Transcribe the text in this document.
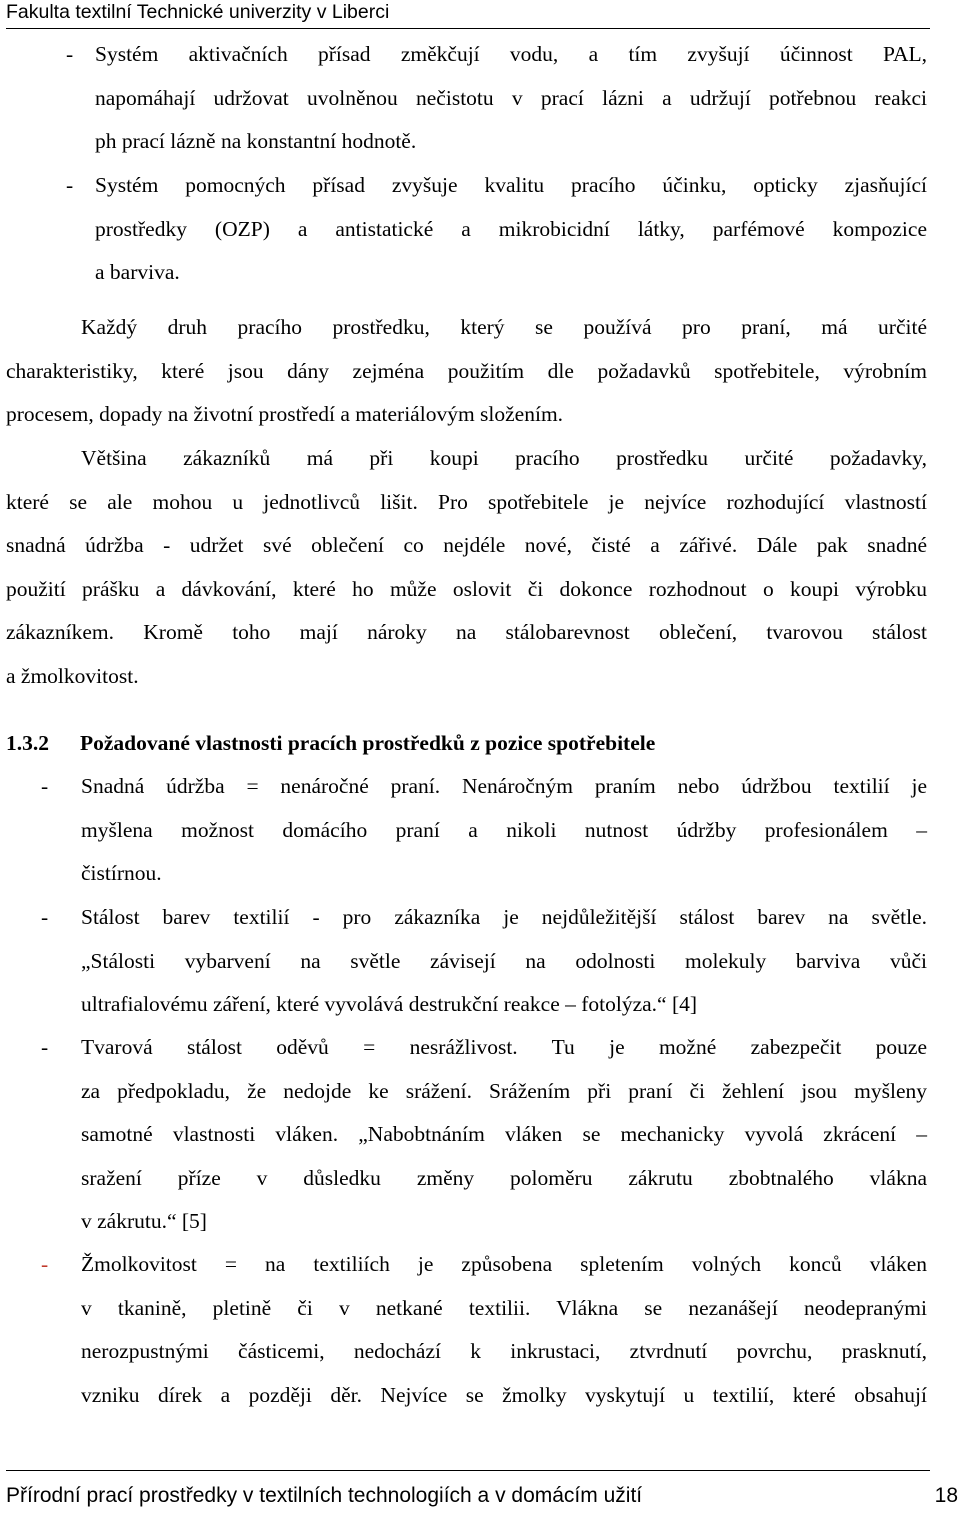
Fakulta textilní Technické univerzity v Liberci
- Systém aktivačních přísad změkčují vodu, a tím zvyšují účinnost PAL,
napomáhají udržovat uvolněnou nečistotu v prací lázni a udržují potřebnou reakci
ph prací lázně na konstantní hodnotě.
- Systém pomocných přísad zvyšuje kvalitu pracího účinku, opticky zjasňující
prostředky (OZP) a antistatické a mikrobicidní látky, parfémové kompozice
a barviva.
Každý druh pracího prostředku, který se používá pro praní, má určité
charakteristiky, které jsou dány zejména použitím dle požadavků spotřebitele, výrobním
procesem, dopady na životní prostředí a materiálovým složením.
Většina zákazníků má při koupi pracího prostředku určité požadavky,
které se ale mohou u jednotlivců lišit. Pro spotřebitele je nejvíce rozhodující vlastností
snadná údržba - udržet své oblečení co nejdéle nové, čisté a zářivé. Dále pak snadné
použití prášku a dávkování, které ho může oslovit či dokonce rozhodnout o koupi výrobku
zákazníkem. Kromě toho mají nároky na stálobarevnost oblečení, tvarovou stálost
a žmolkovitost.
1.3.2 Požadované vlastnosti pracích prostředků z pozice spotřebitele
- Snadná údržba = nenáročné praní. Nenáročným praním nebo údržbou textilií je
myšlena možnost domácího praní a nikoli nutnost údržby profesionálem –
čistírnou.
- Stálost barev textilií - pro zákazníka je nejdůležitější stálost barev na světle.
„Stálosti vybarvení na světle závisejí na odolnosti molekuly barviva vůči
ultrafialovému záření, které vyvolává destrukční reakce – fotolýza.“ [4]
- Tvarová stálost oděvů = nesrážlivost. Tu je možné zabezpečit pouze
za předpokladu, že nedojde ke srážení. Srážením při praní či žehlení jsou myšleny
samotné vlastnosti vláken. „Nabobtnáním vláken se mechanicky vyvolá zkrácení –
sražení příze v důsledku změny poloměru zákrutu zbobtnalého vlákna
v zákrutu.“ [5]
- Žmolkovitost = na textiliích je způsobena spletením volných konců vláken
v tkanině, pletině či v netkané textilii. Vlákna se nezanášejí neodepranými
nerozpustnými částicemi, nedochází k inkrustaci, ztvrdnutí povrchu, prasknutí,
vzniku dírek a později děr. Nejvíce se žmolky vyskytují u textilií, které obsahují
Přírodní prací prostředky v textilních technologiích a v domácím užití	18
